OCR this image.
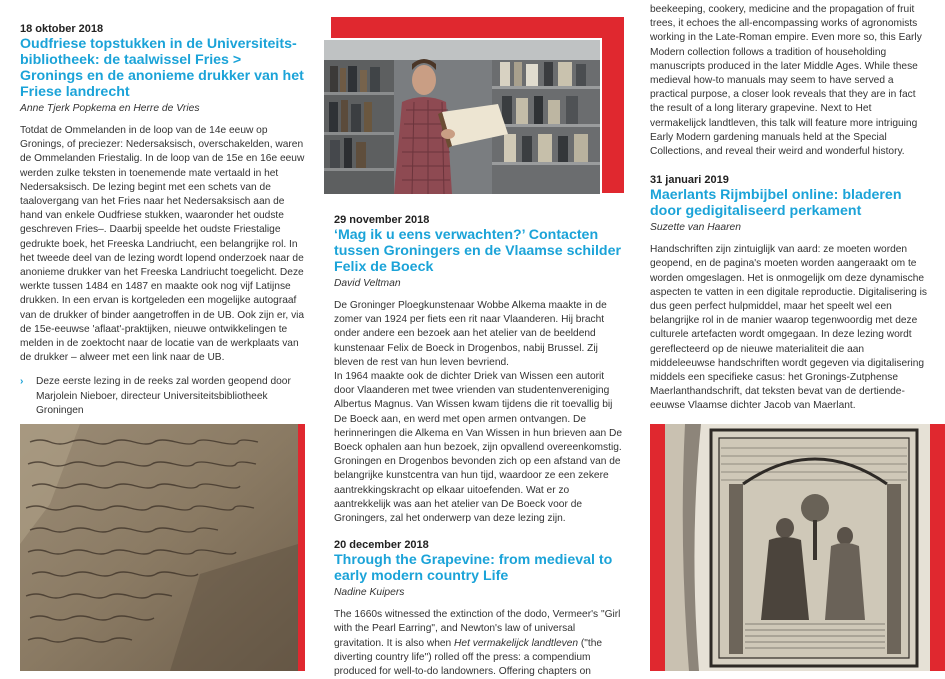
18 oktober 2018
Oudfriese topstukken in de Universiteitsbibliotheek: de taalwissel Fries > Gronings en de anonieme drukker van het Friese landrecht
Anne Tjerk Popkema en Herre de Vries
Totdat de Ommelanden in de loop van de 14e eeuw op Gronings, of preciezer: Nedersaksisch, overschakelden, waren de Ommelanden Friestalig. In de loop van de 15e en 16e eeuw werden zulke teksten in toenemende mate vertaald in het Nedersaksisch. De lezing begint met een schets van de taalovergang van het Fries naar het Nedersaksisch aan de hand van enkele Oudfriese stukken, waaronder het oudste geschreven Fries–. Daarbij speelde het oudste Friestalige gedrukte boek, het Freeska Landriucht, een belangrijke rol. In het tweede deel van de lezing wordt lopend onderzoek naar de anonieme drukker van het Freeska Landriucht toegelicht. Deze werkte tussen 1484 en 1487 en maakte ook nog vijf Latijnse drukken. In een ervan is kortgeleden een mogelijke autograaf van de drukker of binder aangetroffen in de UB. Ook zijn er, via de 15e-eeuwse 'aflaat'-praktijken, nieuwe ontwikkelingen te melden in de zoektocht naar de locatie van de werkplaats van de drukker – alweer met een link naar de UB.
› Deze eerste lezing in de reeks zal worden geopend door Marjolein Nieboer, directeur Universiteitsbibliotheek Groningen
29 november 2018
‘Mag ik u eens verwachten?’ Contacten tussen Groningers en de Vlaamse schilder Felix de Boeck
David Veltman

De Groninger Ploegkunstenaar Wobbe Alkema maakte in de zomer van 1924 per fiets een rit naar Vlaanderen. Hij bracht onder andere een bezoek aan het atelier van de beeldend kunstenaar Felix de Boeck in Drogenbos, nabij Brussel. Zij bleven de rest van hun leven bevriend.

In 1964 maakte ook de dichter Driek van Wissen een autorit door Vlaanderen met twee vrienden van studentenvereniging Albertus Magnus. Van Wissen kwam tijdens die rit toevallig bij De Boeck aan, en werd met open armen ontvangen. De herinneringen die Alkema en Van Wissen in hun brieven aan De Boeck ophalen aan hun bezoek, zijn opvallend overeenkomstig. Groningen en Drogenbos bevonden zich op een afstand van de belangrijke kunstcentra van hun tijd, waardoor ze een zekere aantrekkingskracht op elkaar uitoefenden. Wat er zo aantrekkelijk was aan het atelier van De Boeck voor de Groningers, zal het onderwerp van deze lezing zijn.

20 december 2018
Through the Grapevine: from medieval to early modern country Life
Nadine Kuipers
The 1660s witnessed the extinction of the dodo, Vermeer's "Girl with the Pearl Earring", and Newton's law of universal gravitation. It is also when Het vermakelijck landtleven ("the diverting country life") rolled off the press: a compendium produced for well-to-do landowners. Offering chapters on
beekeeping, cookery, medicine and the propagation of fruit trees, it echoes the all-encompassing works of agronomists working in the Late-Roman empire. Even more so, this Early Modern collection follows a tradition of householding manuscripts produced in the later Middle Ages. While these medieval how-to manuals may seem to have served a practical purpose, a closer look reveals that they are in fact the result of a long literary grapevine. Next to Het vermakelijck landtleven, this talk will feature more intriguing Early Modern gardening manuals held at the Special Collections, and reveal their weird and wonderful history.
31 januari 2019
Maerlants Rijmbijbel online: bladeren door gedigitaliseerd perkament
Suzette van Haaren
Handschriften zijn zintuiglijk van aard: ze moeten worden geopend, en de pagina's moeten worden aangeraakt om te worden omgeslagen. Het is onmogelijk om deze dynamische aspecten te vatten in een digitale reproductie. Digitalisering is dus geen perfect hulpmiddel, maar het speelt wel een belangrijke rol in de manier waarop tegenwoordig met deze culturele artefacten wordt omgegaan. In deze lezing wordt gereflecteerd op de nieuwe materialiteit die aan middeleeuwse handschriften wordt gegeven via digitalisering middels een specifieke casus: het Gronings-Zutphense Maerlanthandschrift, dat teksten bevat van de dertiende-eeuwse Vlaamse dichter Jacob van Maerlant.
